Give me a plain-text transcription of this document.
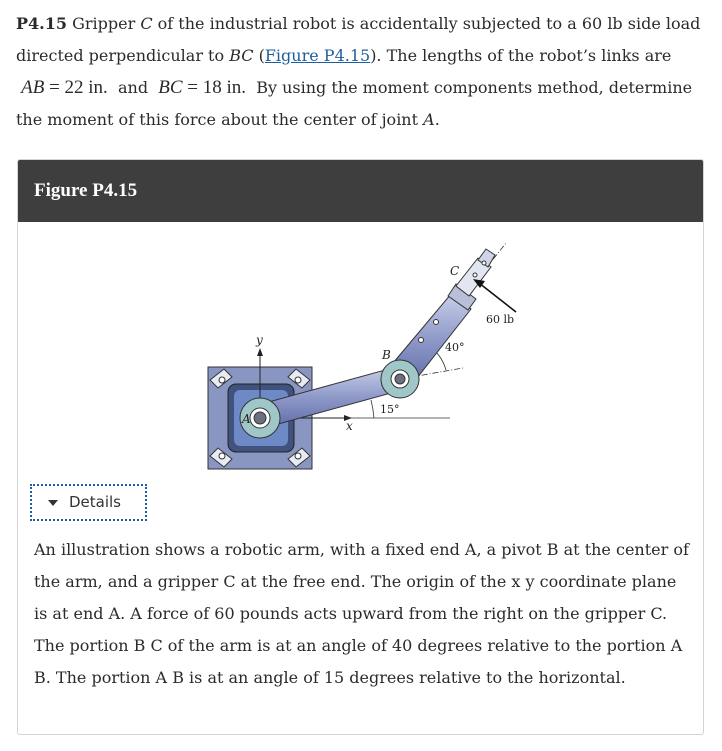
P4.15 Gripper C of the industrial robot is accidentally subjected to a 60 lb side load directed perpendicular to BC (Figure P4.15). The lengths of the robot’s links are
AB = 22 in.  and  BC = 18 in.  By using the moment components method, determine the moment of this force about the center of joint A.
Figure P4.15
C
B
A
y
x
60 lb
40°
15°
Details
An illustration shows a robotic arm, with a fixed end A, a pivot B at the center of the arm, and a gripper C at the free end. The origin of the x y coordinate plane is at end A. A force of 60 pounds acts upward from the right on the gripper C. The portion B C of the arm is at an angle of 40 degrees relative to the portion A B. The portion A B is at an angle of 15 degrees relative to the horizontal.
